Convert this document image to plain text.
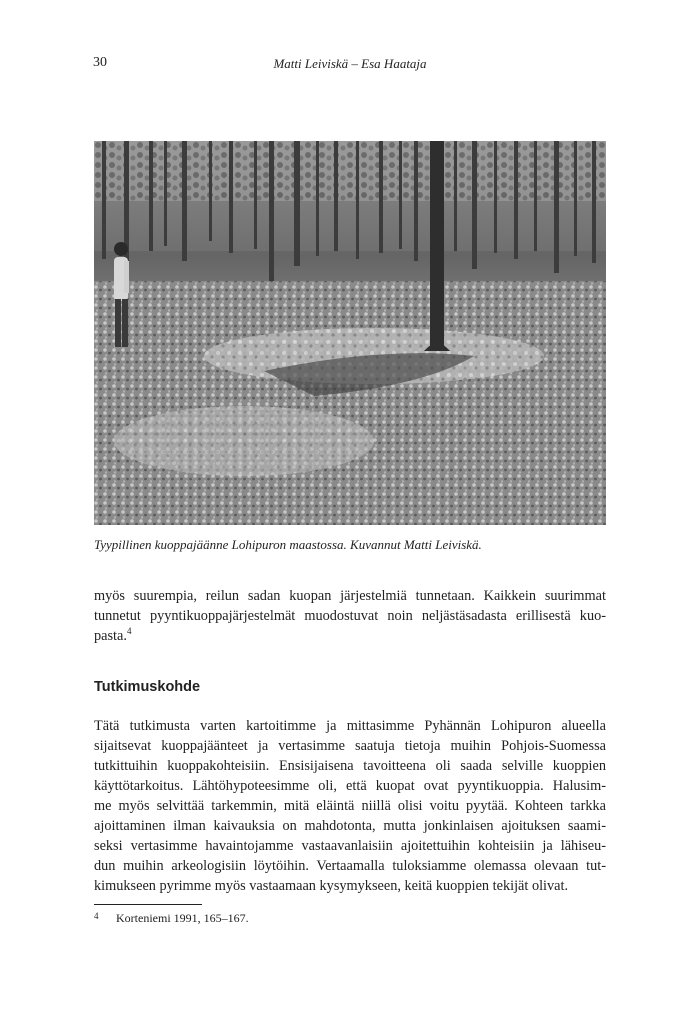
30	Matti Leiviskä – Esa Haataja
Tyypillinen kuoppajäänne Lohipuron maastossa. Kuvannut Matti Leiviskä.

myös suurempia, reilun sadan kuopan järjestelmiä tunnetaan. Kaikkein suurimmat
tunnetut pyyntikuoppajärjestelmät muodostuvat noin neljästäsadasta erillisestä kuo-
pasta.$^4$

Tutkimuskohde

Tätä tutkimusta varten kartoitimme ja mittasimme Pyhännän Lohipuron alueella
sijaitsevat kuoppajäänteet ja vertasimme saatuja tietoja muihin Pohjois-Suomessa
tutkittuihin kuoppakohteisiin. Ensisijaisena tavoitteena oli saada selville kuoppien
käyttötarkoitus. Lähtöhypoteesimme oli, että kuopat ovat pyyntikuoppia. Halusim-
me myös selvittää tarkemmin, mitä eläintä niillä olisi voitu pyytää. Kohteen tarkka
ajoittaminen ilman kaivauksia on mahdotonta, mutta jonkinlaisen ajoituksen saami-
seksi vertasimme havaintojamme vastaavanlaisiin ajoitettuihin kohteisiin ja lähiseu-
dun muihin arkeologisiin löytöihin. Vertaamalla tuloksiamme olemassa olevaan tut-
kimukseen pyrimme myös vastaamaan kysymykseen, keitä kuoppien tekijät olivat.

4 Korteniemi 1991, 165–167.
